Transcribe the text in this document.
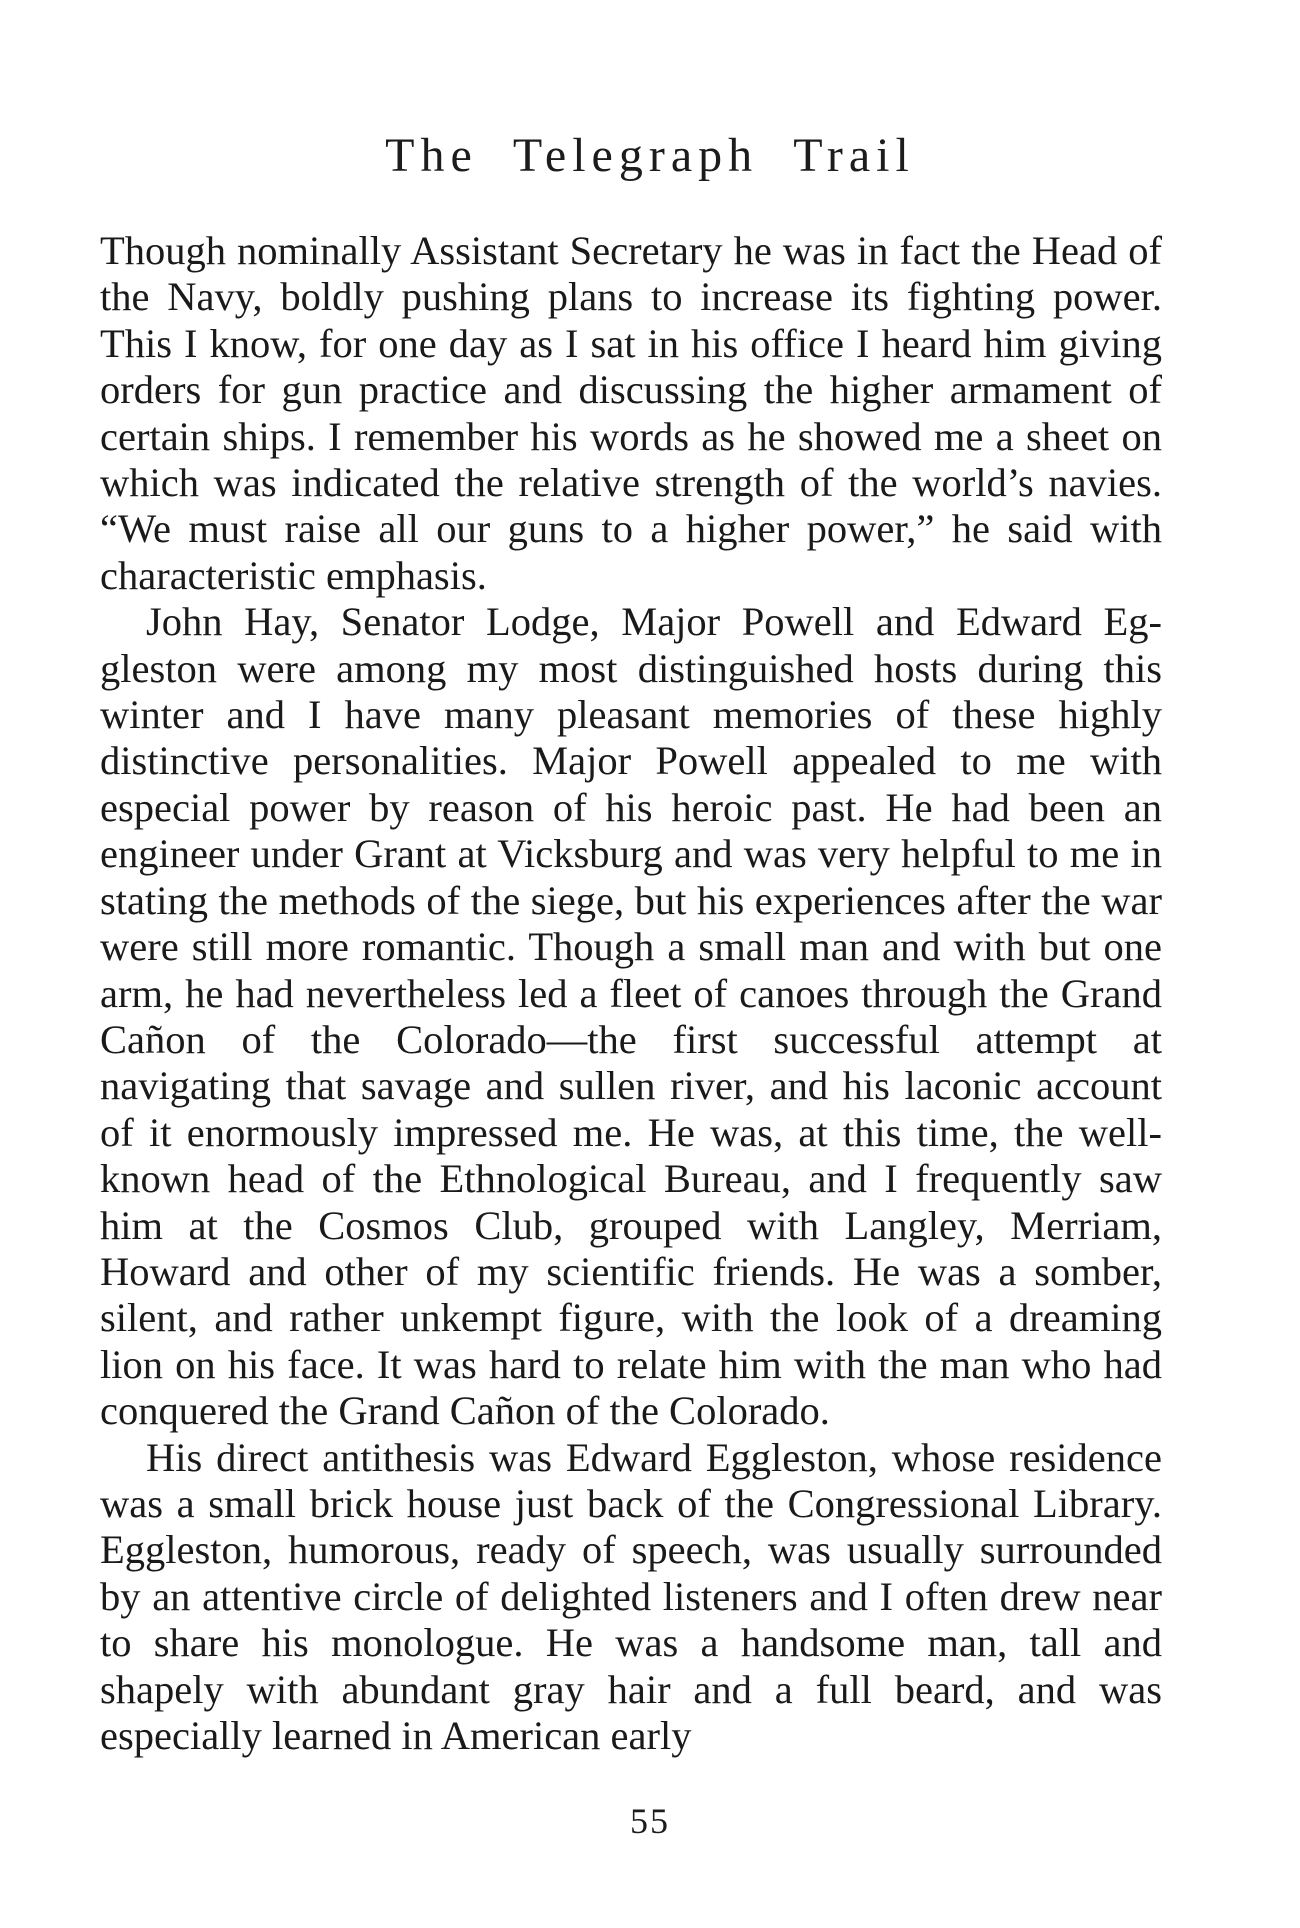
The Telegraph Trail

Though nominally Assistant Secretary he was in fact the Head of the Navy, boldly pushing plans to increase its fighting power. This I know, for one day as I sat in his office I heard him giving orders for gun practice and discussing the higher armament of certain ships. I remember his words as he showed me a sheet on which was indicated the relative strength of the world’s navies. “We must raise all our guns to a higher power,” he said with characteristic emphasis.

John Hay, Senator Lodge, Major Powell and Edward Eggleston were among my most distinguished hosts during this winter and I have many pleasant memories of these highly distinctive personalities. Major Powell appealed to me with especial power by reason of his heroic past. He had been an engineer under Grant at Vicksburg and was very helpful to me in stating the methods of the siege, but his experiences after the war were still more romantic. Though a small man and with but one arm, he had nevertheless led a fleet of canoes through the Grand Cañon of the Colorado—the first successful attempt at navigating that savage and sullen river, and his laconic account of it enormously impressed me. He was, at this time, the well-known head of the Ethnological Bureau, and I frequently saw him at the Cosmos Club, grouped with Langley, Merriam, Howard and other of my scientific friends. He was a somber, silent, and rather unkempt figure, with the look of a dreaming lion on his face. It was hard to relate him with the man who had conquered the Grand Cañon of the Colorado.

His direct antithesis was Edward Eggleston, whose residence was a small brick house just back of the Congressional Library. Eggleston, humorous, ready of speech, was usually surrounded by an attentive circle of delighted listeners and I often drew near to share his monologue. He was a handsome man, tall and shapely with abundant gray hair and a full beard, and was especially learned in American early

55
